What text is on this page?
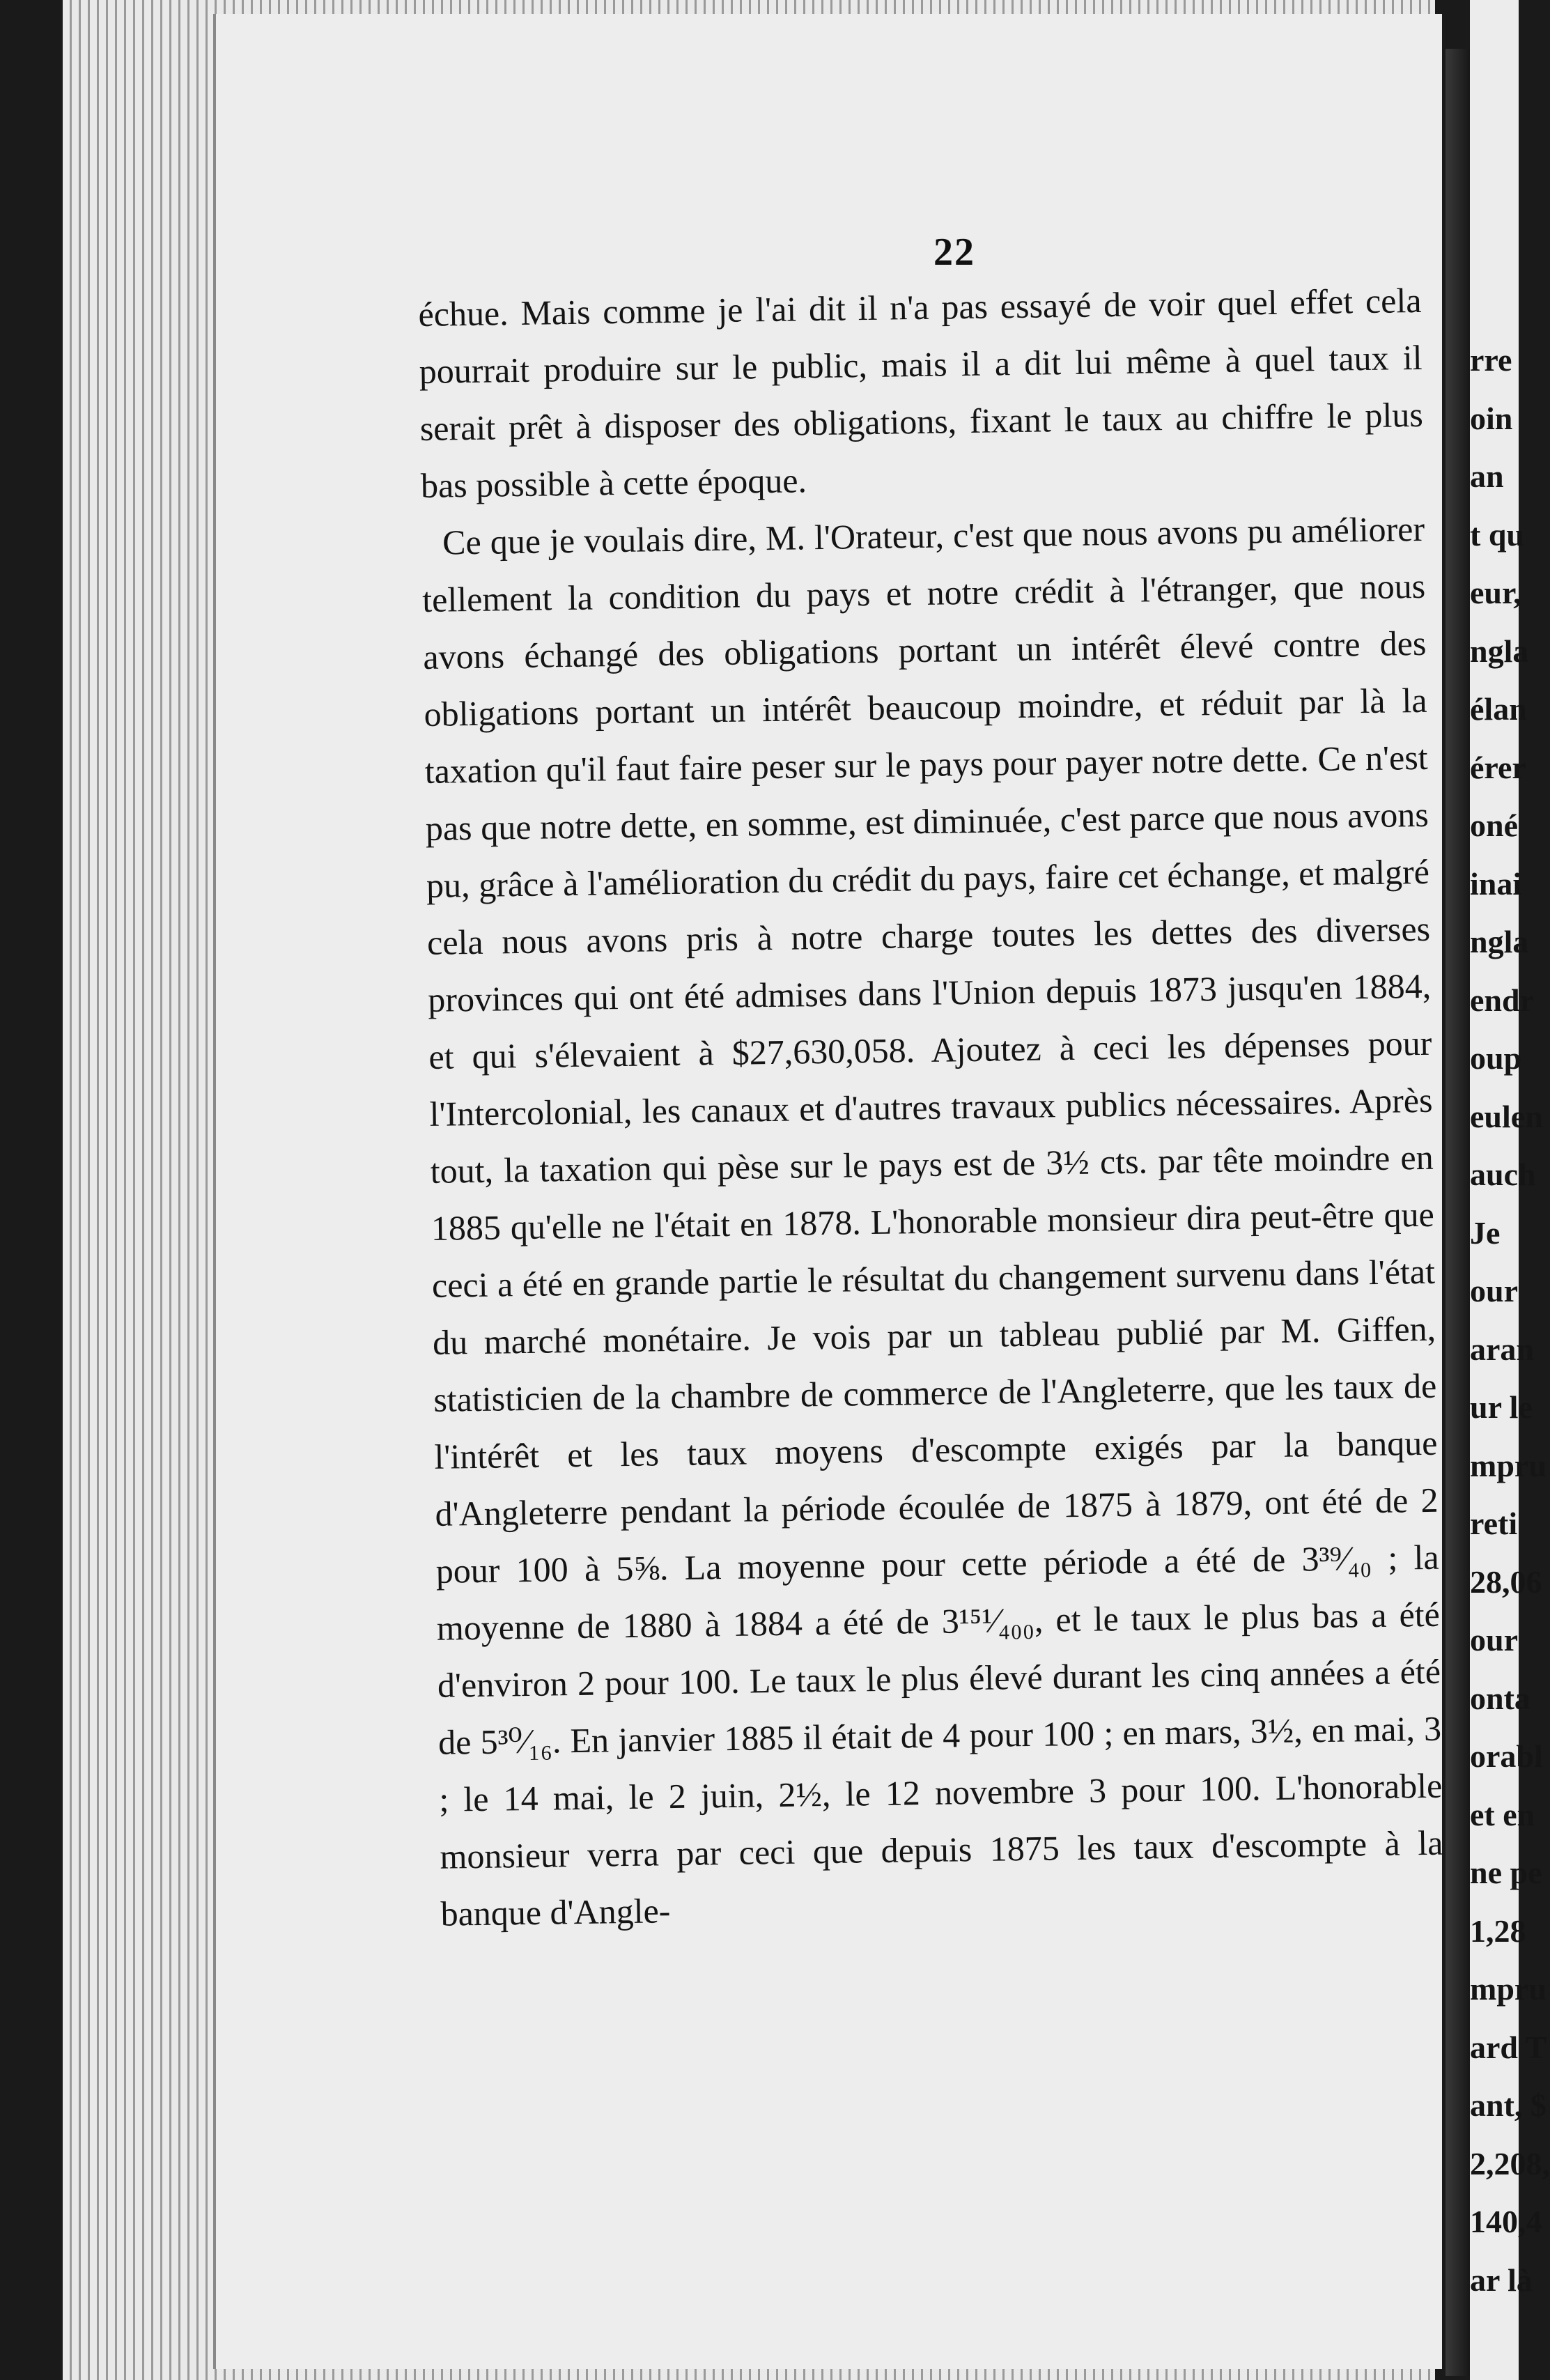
22

échue. Mais comme je l'ai dit il n'a pas essayé de voir quel effet cela pourrait produire sur le public, mais il a dit lui même à quel taux il serait prêt à disposer des obligations, fixant le taux au chiffre le plus bas possible à cette époque.

Ce que je voulais dire, M. l'Orateur, c'est que nous avons pu améliorer tellement la condition du pays et notre crédit à l'étranger, que nous avons échangé des obligations portant un intérêt élevé contre des obligations portant un intérêt beaucoup moindre, et réduit par là la taxation qu'il faut faire peser sur le pays pour payer notre dette. Ce n'est pas que notre dette, en somme, est diminuée, c'est parce que nous avons pu, grâce à l'amélioration du crédit du pays, faire cet échange, et malgré cela nous avons pris à notre charge toutes les dettes des diverses provinces qui ont été admises dans l'Union depuis 1873 jusqu'en 1884, et qui s'élevaient à $27,630,058. Ajoutez à ceci les dépenses pour l'Intercolonial, les canaux et d'autres travaux publics nécessaires. Après tout, la taxation qui pèse sur le pays est de 3½ cts. par tête moindre en 1885 qu'elle ne l'était en 1878. L'honorable monsieur dira peut-être que ceci a été en grande partie le résultat du changement survenu dans l'état du marché monétaire. Je vois par un tableau publié par M. Giffen, statisticien de la chambre de commerce de l'Angleterre, que les taux de l'intérêt et les taux moyens d'escompte exigés par la banque d'Angleterre pendant la période écoulée de 1875 à 1879, ont été de 2 pour 100 à 5⅝. La moyenne pour cette période a été de 3³⁹⁄₄₀ ; la moyenne de 1880 à 1884 a été de 3¹⁵¹⁄₄₀₀, et le taux le plus bas a été d'environ 2 pour 100. Le taux le plus élevé durant les cinq années a été de 5³⁰⁄₁₆. En janvier 1885 il était de 4 pour 100 ; en mars, 3½, en mai, 3 ; le 14 mai, le 2 juin, 2½, le 12 novembre 3 pour 100. L'honorable monsieur verra par ceci que depuis 1875 les taux d'escompte à la banque d'Angle-

rre
oin
an
t qu
eur,
ngla
élan
érer
oné
inai
ngla
endr
oup
eulen
auch
Je
our
aran
ur le
mpru
reti
28,06
our
onta
orabl
et en
ne pe
1,28
mpru
ard T
ant, $
2,208,
140,4
ar là
